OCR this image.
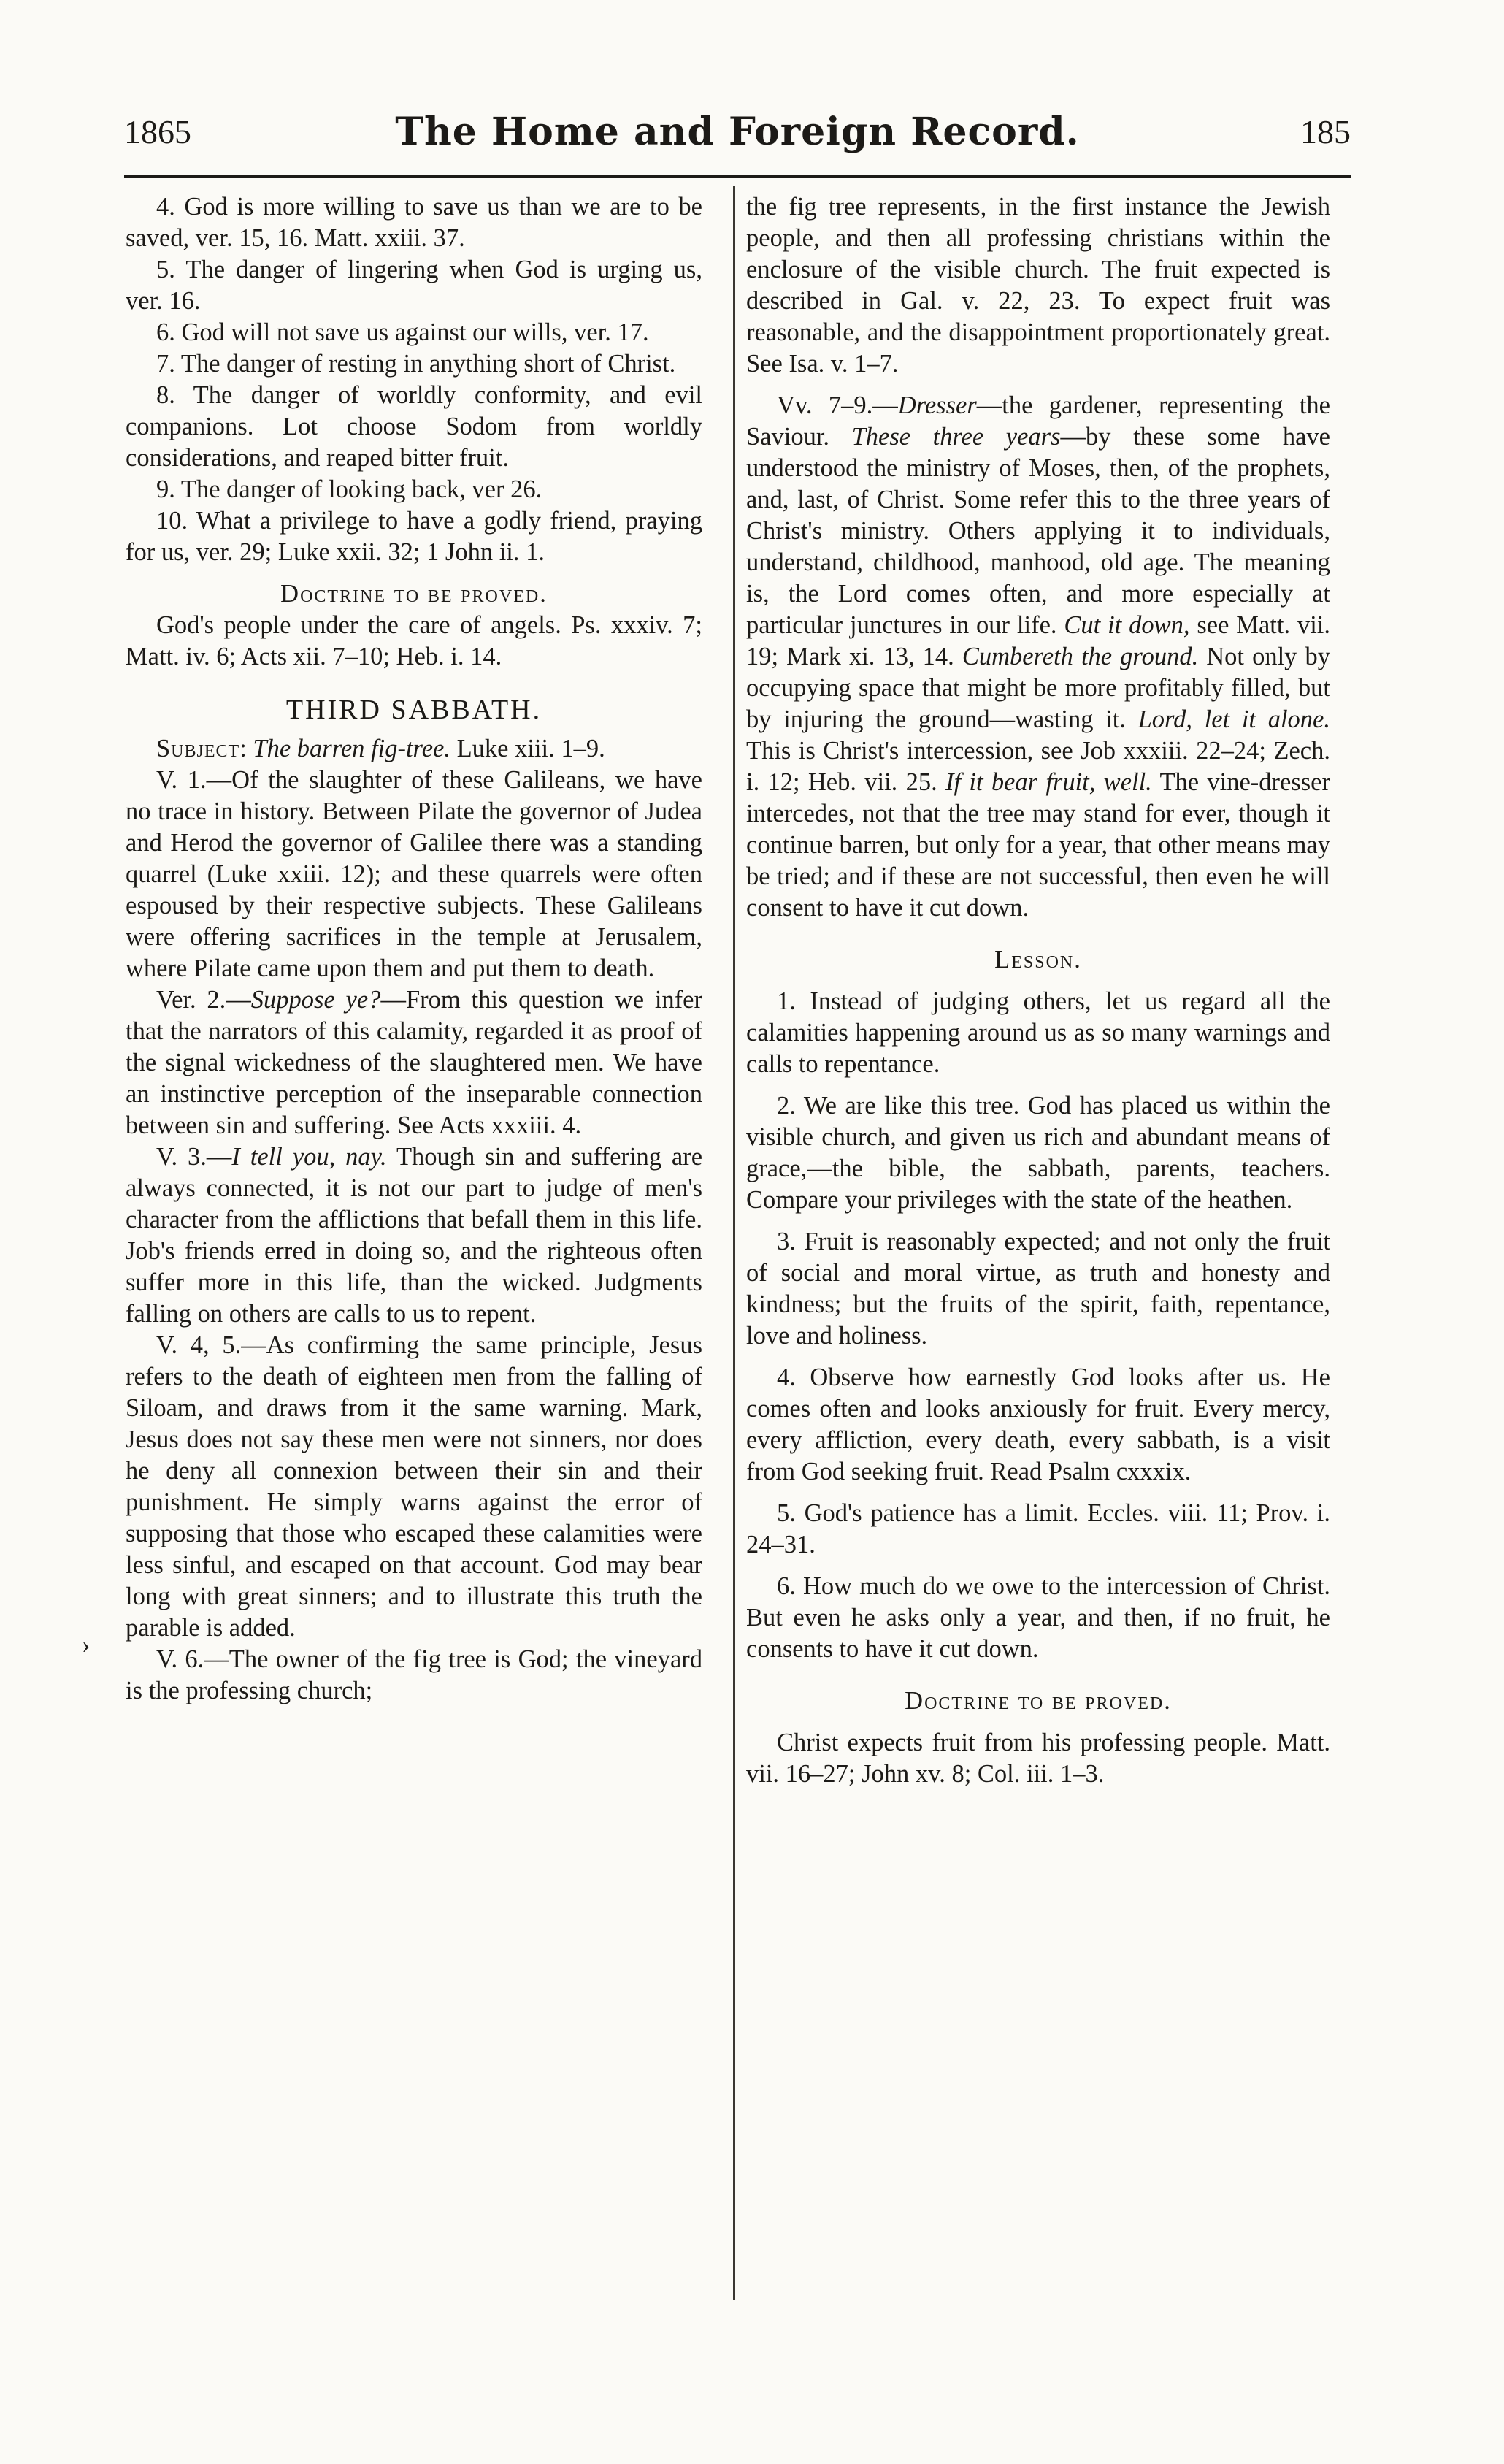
1865	The Home and Foreign Record.	185
›

4. God is more willing to save us than we are to be saved, ver. 15, 16. Matt. xxiii. 37.

5. The danger of lingering when God is urging us, ver. 16.

6. God will not save us against our wills, ver. 17.

7. The danger of resting in anything short of Christ.

8. The danger of worldly conformity, and evil companions. Lot choose Sodom from worldly considerations, and reaped bitter fruit.

9. The danger of looking back, ver 26.

10. What a privilege to have a godly friend, praying for us, ver. 29; Luke xxii. 32; 1 John ii. 1.

Doctrine to be proved.

God's people under the care of angels. Ps. xxxiv. 7; Matt. iv. 6; Acts xii. 7–10; Heb. i. 14.

THIRD SABBATH.

Subject: The barren fig-tree. Luke xiii. 1–9.

V. 1.—Of the slaughter of these Galileans, we have no trace in history. Between Pilate the governor of Judea and Herod the governor of Galilee there was a standing quarrel (Luke xxiii. 12); and these quarrels were often espoused by their respective subjects. These Galileans were offering sacrifices in the temple at Jerusalem, where Pilate came upon them and put them to death.

Ver. 2.—Suppose ye?—From this question we infer that the narrators of this calamity, regarded it as proof of the signal wickedness of the slaughtered men. We have an instinctive perception of the inseparable connection between sin and suffering. See Acts xxxiii. 4.

V. 3.—I tell you, nay. Though sin and suffering are always connected, it is not our part to judge of men's character from the afflictions that befall them in this life. Job's friends erred in doing so, and the righteous often suffer more in this life, than the wicked. Judgments falling on others are calls to us to repent.

V. 4, 5.—As confirming the same principle, Jesus refers to the death of eighteen men from the falling of Siloam, and draws from it the same warning. Mark, Jesus does not say these men were not sinners, nor does he deny all connexion between their sin and their punishment. He simply warns against the error of supposing that those who escaped these calamities were less sinful, and escaped on that account. God may bear long with great sinners; and to illustrate this truth the parable is added.

V. 6.—The owner of the fig tree is God; the vineyard is the professing church;

the fig tree represents, in the first instance the Jewish people, and then all professing christians within the enclosure of the visible church. The fruit expected is described in Gal. v. 22, 23. To expect fruit was reasonable, and the disappointment proportionately great. See Isa. v. 1–7.

Vv. 7–9.—Dresser—the gardener, representing the Saviour. These three years—by these some have understood the ministry of Moses, then, of the prophets, and, last, of Christ. Some refer this to the three years of Christ's ministry. Others applying it to individuals, understand, childhood, manhood, old age. The meaning is, the Lord comes often, and more especially at particular junctures in our life. Cut it down, see Matt. vii. 19; Mark xi. 13, 14. Cumbereth the ground. Not only by occupying space that might be more profitably filled, but by injuring the ground—wasting it. Lord, let it alone. This is Christ's intercession, see Job xxxiii. 22–24; Zech. i. 12; Heb. vii. 25. If it bear fruit, well. The vine-dresser intercedes, not that the tree may stand for ever, though it continue barren, but only for a year, that other means may be tried; and if these are not successful, then even he will consent to have it cut down.

Lesson.

1. Instead of judging others, let us regard all the calamities happening around us as so many warnings and calls to repentance.

2. We are like this tree. God has placed us within the visible church, and given us rich and abundant means of grace,—the bible, the sabbath, parents, teachers. Compare your privileges with the state of the heathen.

3. Fruit is reasonably expected; and not only the fruit of social and moral virtue, as truth and honesty and kindness; but the fruits of the spirit, faith, repentance, love and holiness.

4. Observe how earnestly God looks after us. He comes often and looks anxiously for fruit. Every mercy, every affliction, every death, every sabbath, is a visit from God seeking fruit. Read Psalm cxxxix.

5. God's patience has a limit. Eccles. viii. 11; Prov. i. 24–31.

6. How much do we owe to the intercession of Christ. But even he asks only a year, and then, if no fruit, he consents to have it cut down.

Doctrine to be proved.

Christ expects fruit from his professing people. Matt. vii. 16–27; John xv. 8; Col. iii. 1–3.
